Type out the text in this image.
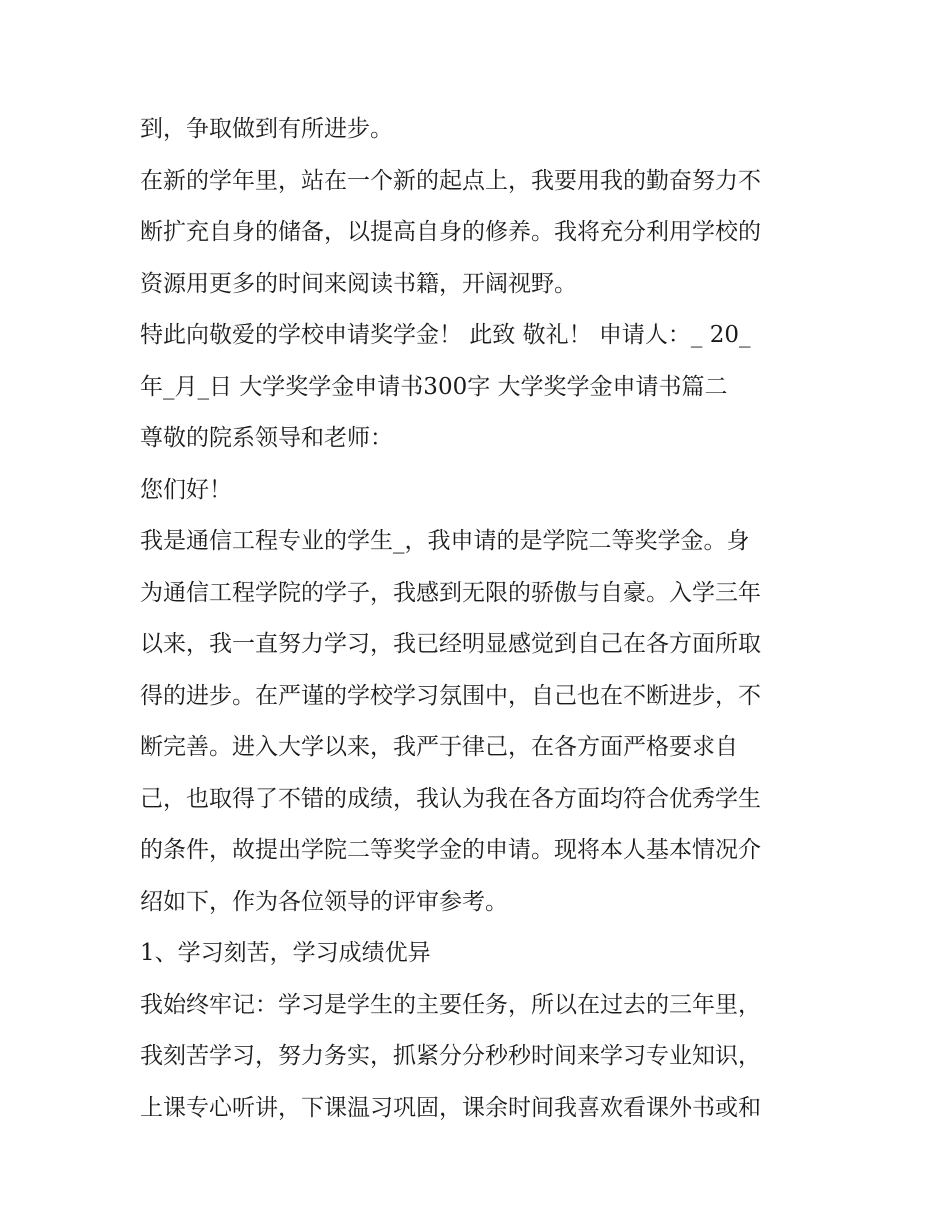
到，争取做到有所进步。
在新的学年里，站在一个新的起点上，我要用我的勤奋努力不
断扩充自身的储备，以提高自身的修养。我将充分利用学校的
资源用更多的时间来阅读书籍，开阔视野。
特此向敬爱的学校申请奖学金！ 此致 敬礼！ 申请人：_ 20_
年_月_日 大学奖学金申请书300字 大学奖学金申请书篇二
尊敬的院系领导和老师：
您们好！
我是通信工程专业的学生_，我申请的是学院二等奖学金。身
为通信工程学院的学子，我感到无限的骄傲与自豪。入学三年
以来，我一直努力学习，我已经明显感觉到自己在各方面所取
得的进步。在严谨的学校学习氛围中，自己也在不断进步，不
断完善。进入大学以来，我严于律己，在各方面严格要求自
己，也取得了不错的成绩，我认为我在各方面均符合优秀学生
的条件，故提出学院二等奖学金的申请。现将本人基本情况介
绍如下，作为各位领导的评审参考。
1、学习刻苦，学习成绩优异
我始终牢记：学习是学生的主要任务，所以在过去的三年里，
我刻苦学习，努力务实，抓紧分分秒秒时间来学习专业知识，
上课专心听讲，下课温习巩固，课余时间我喜欢看课外书或和
